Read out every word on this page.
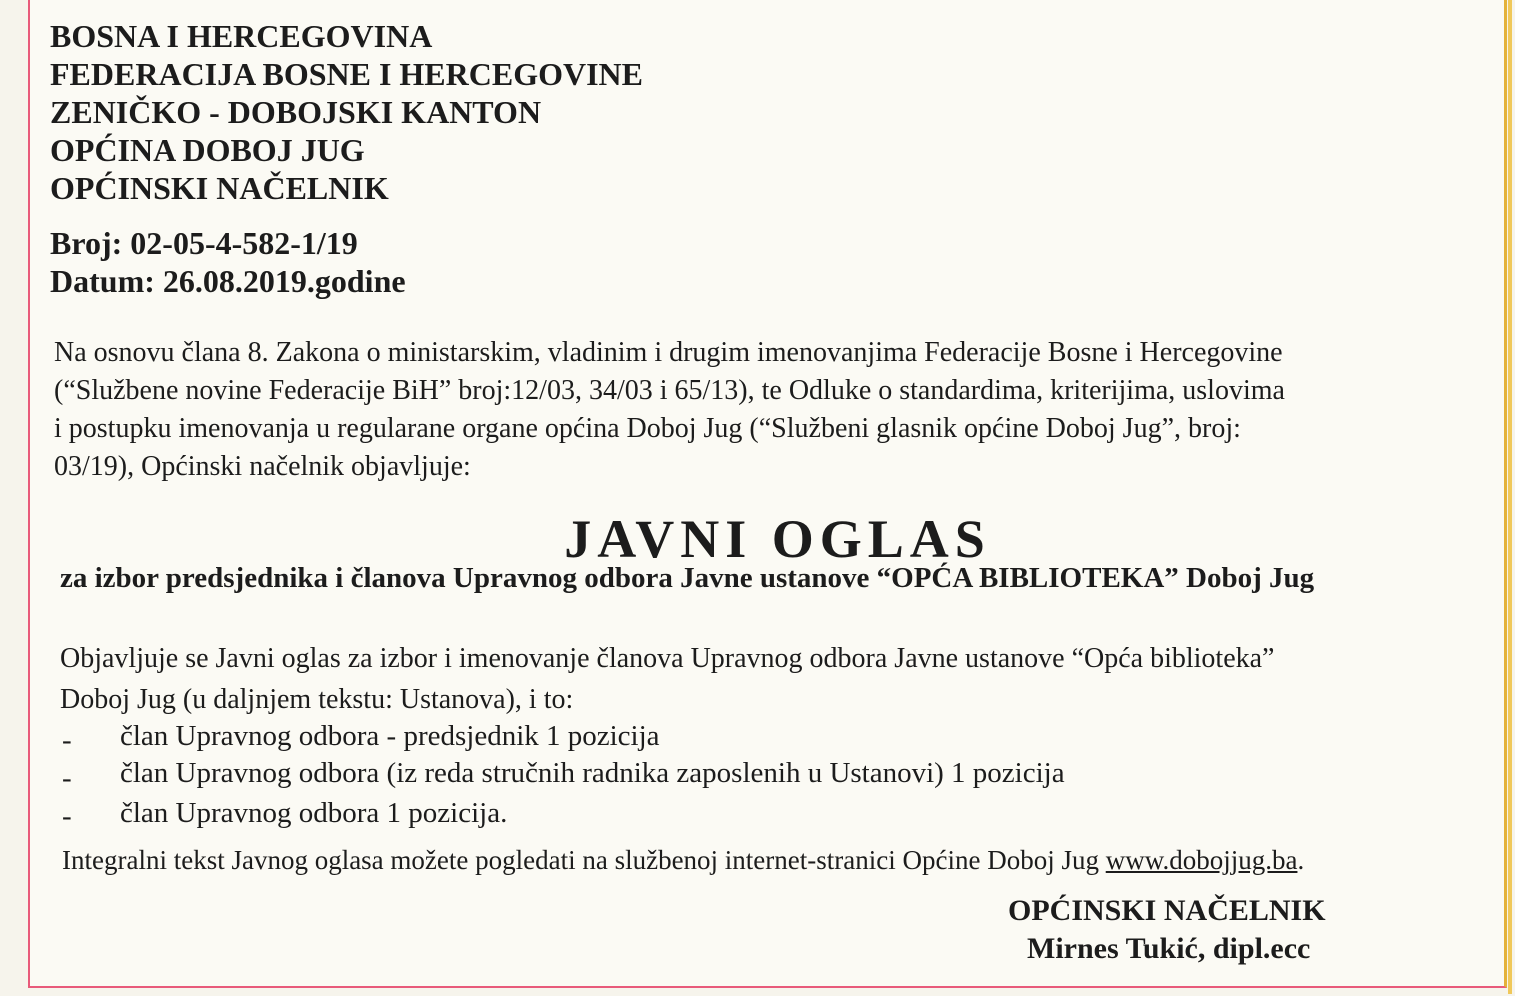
BOSNA I HERCEGOVINA

FEDERACIJA BOSNE I HERCEGOVINE

ZENIČKO - DOBOJSKI KANTON

OPĆINA DOBOJ JUG

OPĆINSKI NAČELNIK

Broj: 02-05-4-582-1/19

Datum: 26.08.2019.godine

Na osnovu člana 8. Zakona o ministarskim, vladinim i drugim imenovanjima Federacije Bosne i Hercegovine

(“Službene novine Federacije BiH” broj:12/03, 34/03 i 65/13), te Odluke o standardima, kriterijima, uslovima

i postupku imenovanja u regularane organe općina Doboj Jug (“Službeni glasnik općine Doboj Jug”, broj:

03/19), Općinski načelnik objavljuje:

JAVNI OGLAS

za izbor predsjednika i članova Upravnog odbora Javne ustanove “OPĆA BIBLIOTEKA” Doboj Jug

Objavljuje se Javni oglas za izbor i imenovanje članova Upravnog odbora Javne ustanove “Opća biblioteka”

Doboj Jug (u daljnjem tekstu: Ustanova), i to:

- član Upravnog odbora - predsjednik 1 pozicija

- član Upravnog odbora (iz reda stručnih radnika zaposlenih u Ustanovi) 1 pozicija

- član Upravnog odbora 1 pozicija.

Integralni tekst Javnog oglasa možete pogledati na službenoj internet-stranici Općine Doboj Jug www.dobojjug.ba.

OPĆINSKI NAČELNIK
Mirnes Tukić, dipl.ecc
